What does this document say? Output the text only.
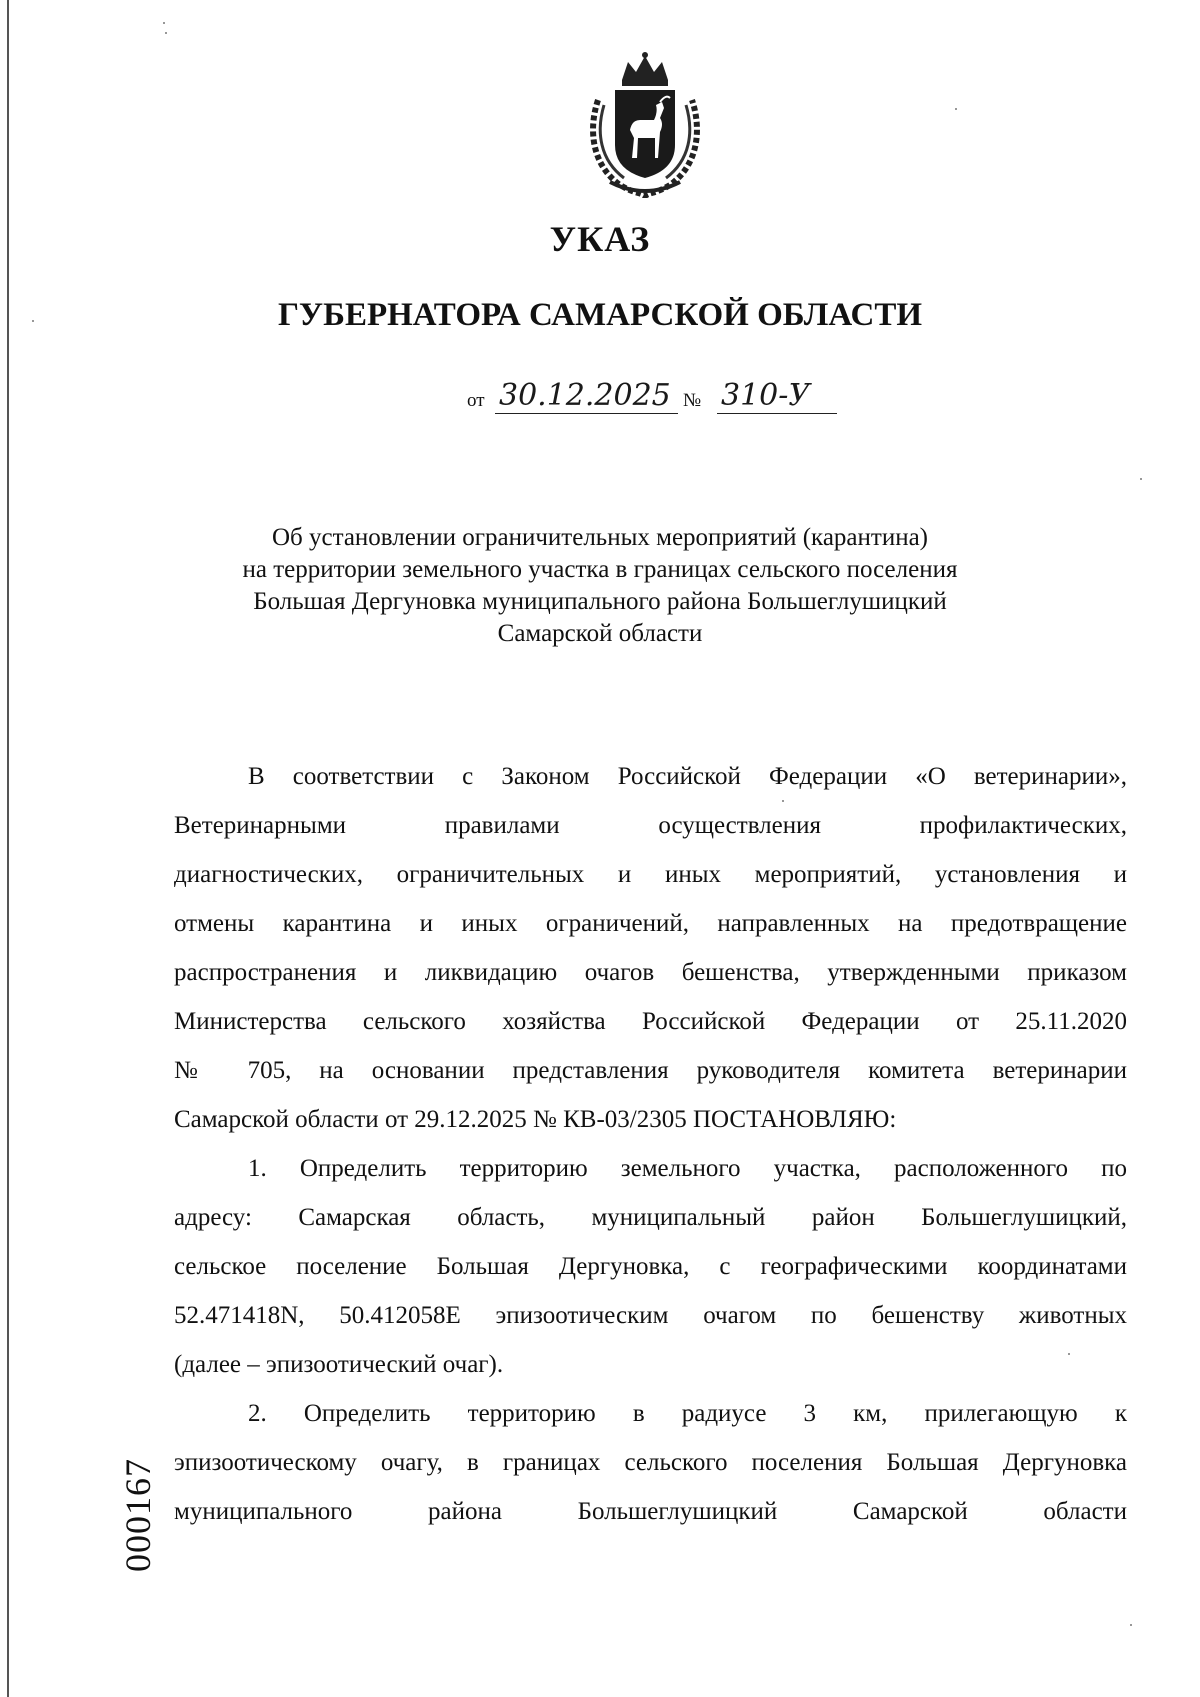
УКАЗ
ГУБЕРНАТОРА САМАРСКОЙ ОБЛАСТИ
от 30.12.2025 № 310-У
Об установлении ограничительных мероприятий (карантина)
на территории земельного участка в границах сельского поселения
Большая Дергуновка муниципального района Большеглушицкий
Самарской области
В соответствии с Законом Российской Федерации «О ветеринарии»,
Ветеринарными правилами осуществления профилактических,
диагностических, ограничительных и иных мероприятий, установления и
отмены карантина и иных ограничений, направленных на предотвращение
распространения и ликвидацию очагов бешенства, утвержденными приказом
Министерства сельского хозяйства Российской Федерации от 25.11.2020
№ 705, на основании представления руководителя комитета ветеринарии
Самарской области от 29.12.2025 № КВ-03/2305 ПОСТАНОВЛЯЮ:
1. Определить территорию земельного участка, расположенного по
адресу: Самарская область, муниципальный район Большеглушицкий,
сельское поселение Большая Дергуновка, с географическими координатами
52.471418N, 50.412058E эпизоотическим очагом по бешенству животных
(далее – эпизоотический очаг).
2. Определить территорию в радиусе 3 км, прилегающую к
эпизоотическому очагу, в границах сельского поселения Большая Дергуновка
муниципального района Большеглушицкий Самарской области
000167
